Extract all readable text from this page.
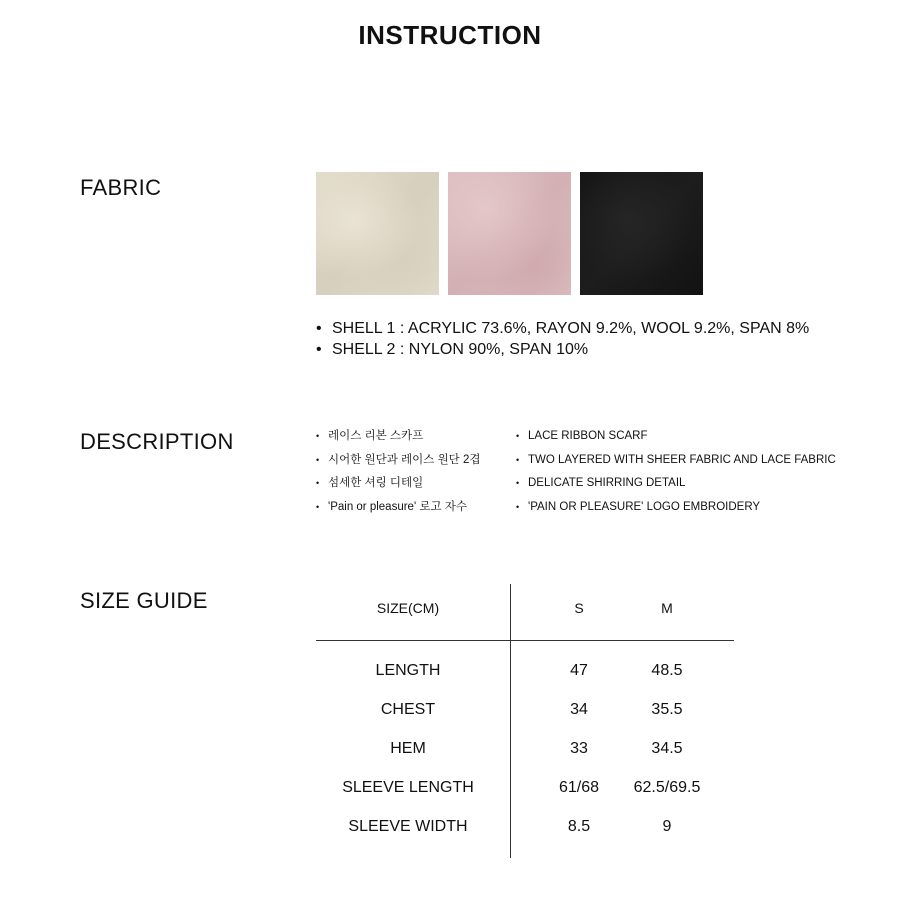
INSTRUCTION
FABRIC
• SHELL 1 : ACRYLIC 73.6%, RAYON 9.2%, WOOL 9.2%, SPAN 8%
• SHELL 2 : NYLON 90%, SPAN 10%
DESCRIPTION
•	레이스 리본 스카프
• 시어한 원단과 레이스 원단 2겹
• 섬세한 셔링 디테일
• 'Pain or pleasure' 로고 자수
• LACE RIBBON SCARF
• TWO LAYERED WITH SHEER FABRIC AND LACE FABRIC
• DELICATE SHIRRING DETAIL
• 'PAIN OR PLEASURE' LOGO EMBROIDERY
SIZE GUIDE	SIZE(CM)	S	M
LENGTH	47	48.5
CHEST	34	35.5
HEM	33	34.5
SLEEVE LENGTH	61/68	62.5/69.5
SLEEVE WIDTH	8.5	9
